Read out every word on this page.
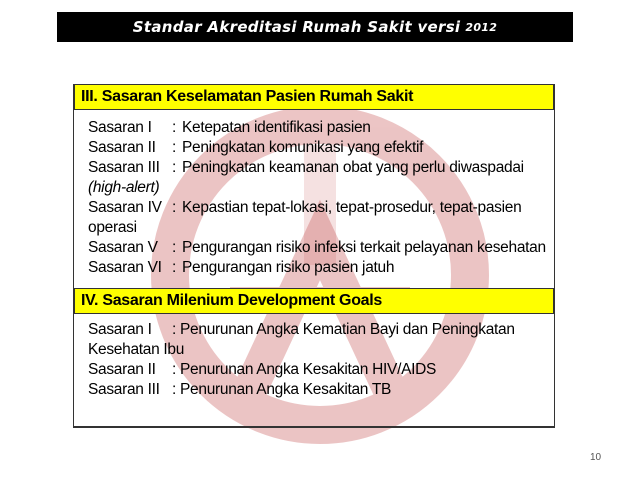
Standar Akreditasi Rumah Sakit versi 2012
III. Sasaran Keselamatan Pasien Rumah Sakit
Sasaran I : Ketepatan identifikasi pasien
Sasaran II : Peningkatan komunikasi yang efektif
Sasaran III : Peningkatan keamanan obat yang perlu diwaspadai
(high-alert)
Sasaran IV : Kepastian tepat-lokasi, tepat-prosedur, tepat-pasien
operasi
Sasaran V : Pengurangan risiko infeksi terkait pelayanan kesehatan
Sasaran VI : Pengurangan risiko pasien jatuh
IV. Sasaran Milenium Development Goals
Sasaran I : Penurunan Angka Kematian Bayi dan Peningkatan
Kesehatan Ibu
Sasaran II : Penurunan Angka Kesakitan HIV/AIDS
Sasaran III : Penurunan Angka Kesakitan TB
10
